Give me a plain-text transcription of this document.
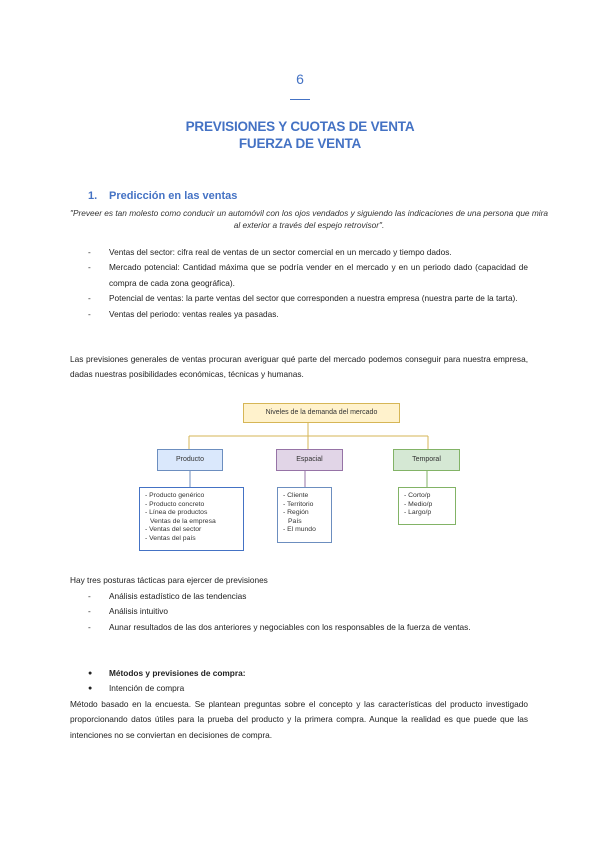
6
PREVISIONES Y CUOTAS DE VENTA
FUERZA DE VENTA
1. Predicción en las ventas
"Preveer es tan molesto como conducir un automóvil con los ojos vendados y siguiendo las indicaciones de una persona que mira al exterior a través del espejo retrovisor".
- Ventas del sector: cifra real de ventas de un sector comercial en un mercado y tiempo dados.
- Mercado potencial: Cantidad máxima que se podría vender en el mercado y en un periodo dado (capacidad de compra de cada zona geográfica).
- Potencial de ventas: la parte ventas del sector que corresponden a nuestra empresa (nuestra parte de la tarta).
- Ventas del periodo: ventas reales ya pasadas.
Las previsiones generales de ventas procuran averiguar qué parte del mercado podemos conseguir para nuestra empresa, dadas nuestras posibilidades económicas, técnicas y humanas.
Niveles de la demanda del mercado
Producto	Espacial	Temporal
- Producto genérico
- Producto concreto
- Línea de productos
Ventas de la empresa
- Ventas del sector
- Ventas del país
- Cliente
- Territorio
- Región
País
- El mundo
- Corto/p
- Medio/p
- Largo/p
Hay tres posturas tácticas para ejercer de previsiones
- Análisis estadístico de las tendencias
- Análisis intuitivo
- Aunar resultados de las dos anteriores y negociables con los responsables de la fuerza de ventas.
● Métodos y previsiones de compra:
● Intención de compra
Método basado en la encuesta. Se plantean preguntas sobre el concepto y las características del producto investigado proporcionando datos útiles para la prueba del producto y la primera compra. Aunque la realidad es que puede que las intenciones no se conviertan en decisiones de compra.
